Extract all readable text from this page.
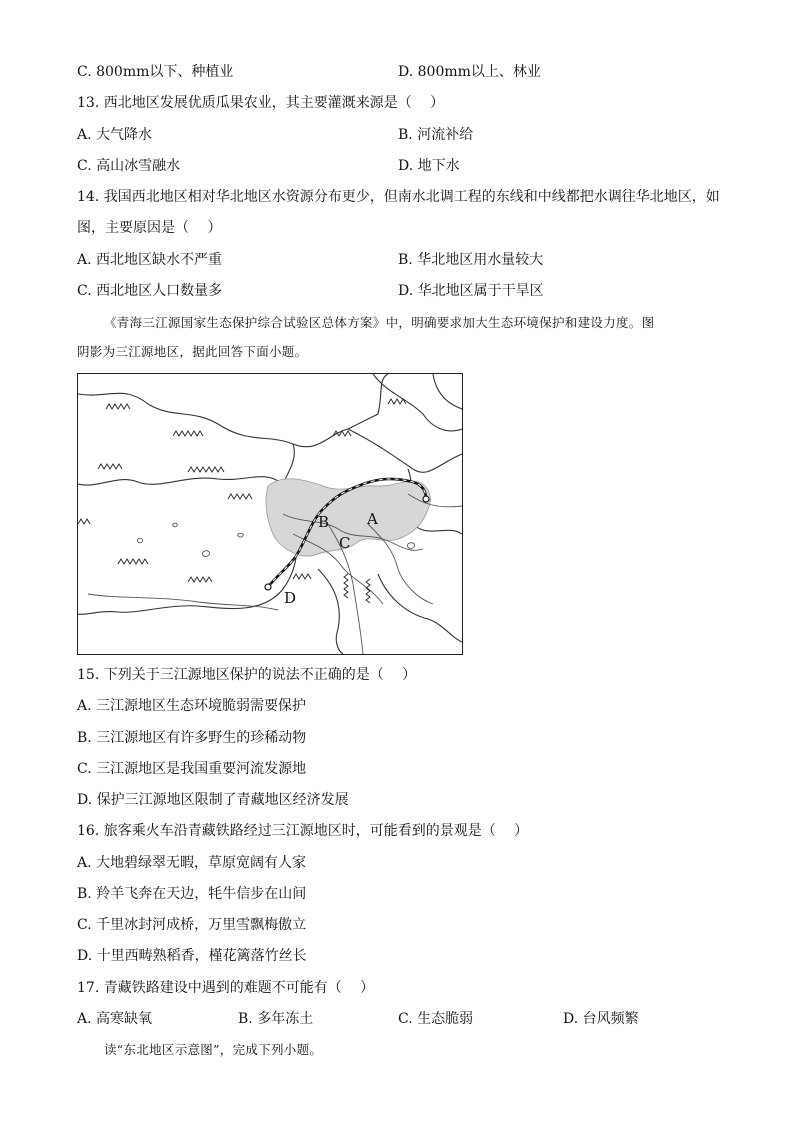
C. 800mm以下、种植业	D. 800mm以上、林业
13. 西北地区发展优质瓜果农业，其主要灌溉来源是（　 ）
A. 大气降水	B. 河流补给
C. 高山冰雪融水	D. 地下水
14. 我国西北地区相对华北地区水资源分布更少，但南水北调工程的东线和中线都把水调往华北地区，如
图，主要原因是（　 ）
A. 西北地区缺水不严重	B. 华北地区用水量较大
C. 西北地区人口数量多	D. 华北地区属于干旱区
《青海三江源国家生态保护综合试验区总体方案》中，明确要求加大生态环境保护和建设力度。图
阴影为三江源地区，据此回答下面小题。
A
B
C
D
15. 下列关于三江源地区保护的说法不正确的是（　 ）
A. 三江源地区生态环境脆弱需要保护
B. 三江源地区有许多野生的珍稀动物
C. 三江源地区是我国重要河流发源地
D. 保护三江源地区限制了青藏地区经济发展
16. 旅客乘火车沿青藏铁路经过三江源地区时，可能看到的景观是（　 ）
A. 大地碧绿翠无暇，草原宽阔有人家
B. 羚羊飞奔在天边，牦牛信步在山间
C. 千里冰封河成桥，万里雪飘梅傲立
D. 十里西畴熟稻香，槿花篱落竹丝长
17. 青藏铁路建设中遇到的难题不可能有（　 ）
A. 高寒缺氧	B. 多年冻土	C. 生态脆弱	D. 台风频繁
读“东北地区示意图”，完成下列小题。
